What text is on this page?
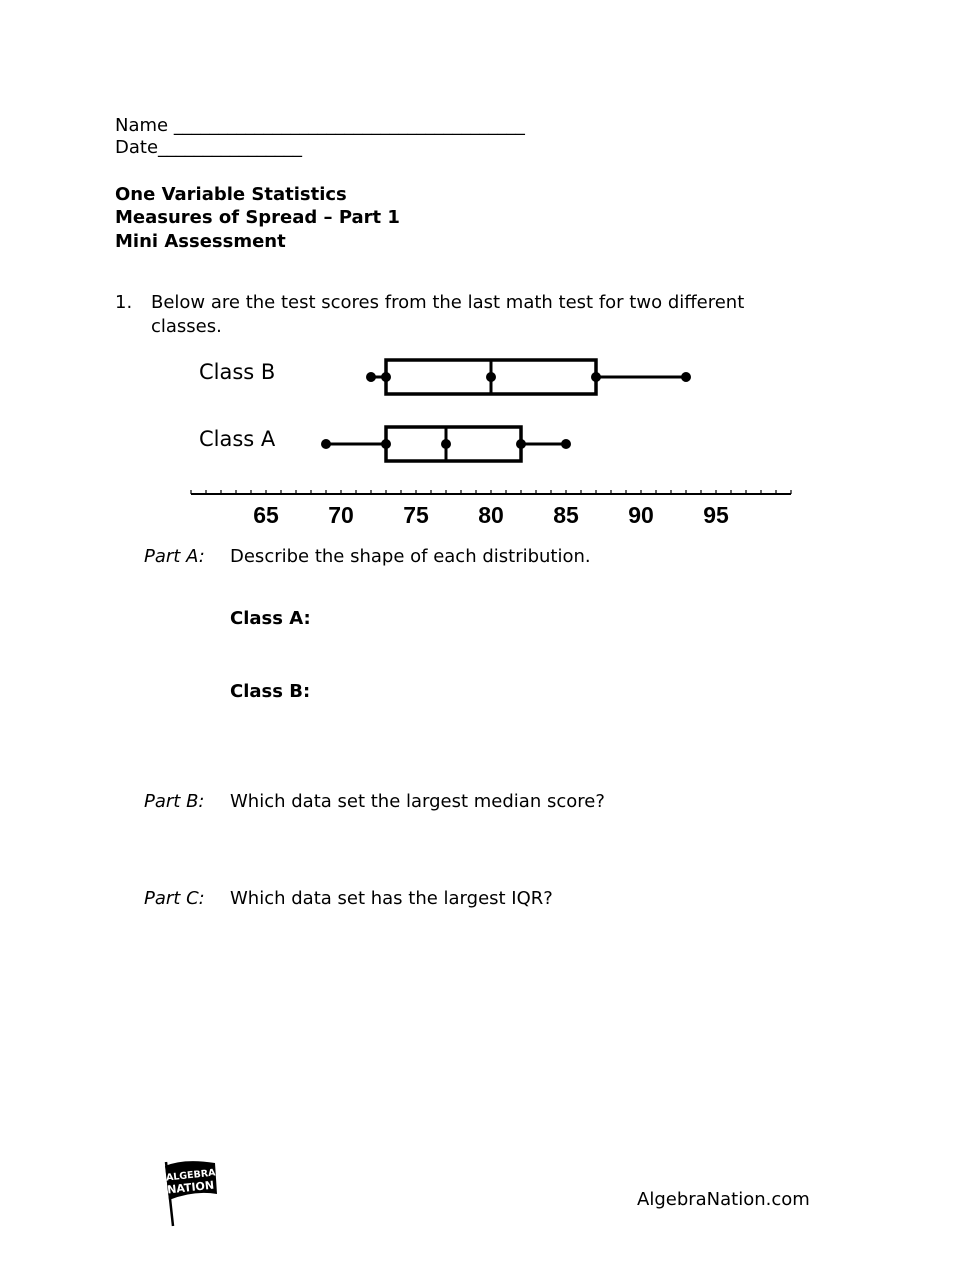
Name _______________________________________
Date________________
One Variable Statistics
Measures of Spread – Part 1
Mini Assessment
1. Below are the test scores from the last math test for two different
classes.
65 70 75 80 85 90 95
Class B
Class A
Part A: Describe the shape of each distribution.
Class A:
Class B:
Part B: Which data set the largest median score?
Part C: Which data set has the largest IQR?
ALGEBRA
NATION
AlgebraNation.com
